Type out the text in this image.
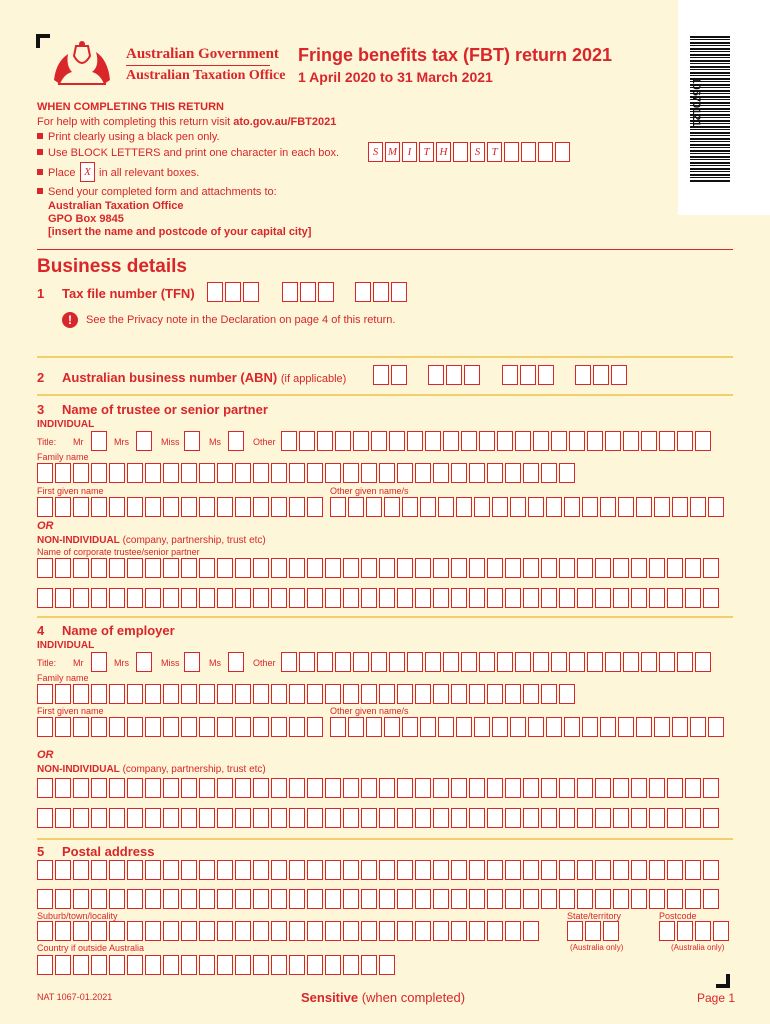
10670121
Australian Government
Australian Taxation Office
Fringe benefits tax (FBT) return 2021
1 April 2020 to 31 March 2021
WHEN COMPLETING THIS RETURN
For help with completing this return visit ato.gov.au/FBT2021
Print clearly using a black pen only.
Use BLOCK LETTERS and print one character in each box.	S M I	T H	S	T
Place X in all relevant boxes.
Send your completed form and attachments to:
Australian Taxation Office
GPO Box 9845
[insert the name and postcode of your capital city]
Business details
1 Tax file number (TFN)
!	See the Privacy note in the Declaration on page 4 of this return.
2 Australian business number (ABN) (if applicable)
3 Name of trustee or senior partner
INDIVIDUAL
Title: Mr	Mrs	Miss	Ms	Other
Family name
First given name	Other given name/s
OR
NON-INDIVIDUAL (company, partnership, trust etc)
Name of corporate trustee/senior partner
4 Name of employer
INDIVIDUAL
Title: Mr	Mrs	Miss	Ms	Other
Family name
First given name	Other given name/s
OR
NON-INDIVIDUAL (company, partnership, trust etc)
5 Postal address
Suburb/town/locality	State/territory	Postcode
Country if outside Australia	(Australia only)	(Australia only)
NAT 1067-01.2021	Sensitive (when completed)	Page 1
